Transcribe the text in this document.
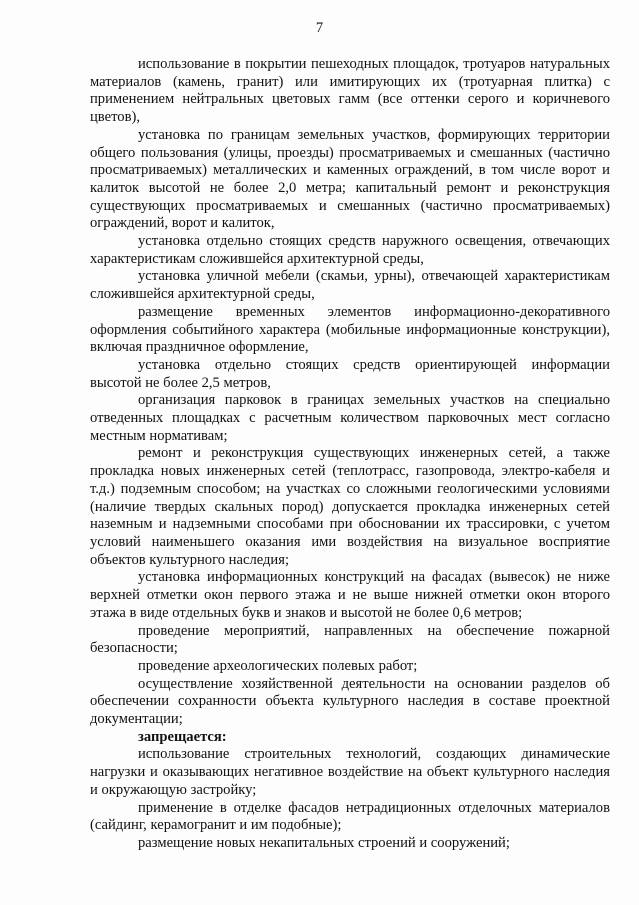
7

использование в покрытии пешеходных площадок, тротуаров натуральных материалов (камень, гранит) или имитирующих их (тротуарная плитка) с применением нейтральных цветовых гамм (все оттенки серого и коричневого цветов),

установка по границам земельных участков, формирующих территории общего пользования (улицы, проезды) просматриваемых и смешанных (частично просматриваемых) металлических и каменных ограждений, в том числе ворот и калиток высотой не более 2,0 метра; капитальный ремонт и реконструкция существующих просматриваемых и смешанных (частично просматриваемых) ограждений, ворот и калиток,

установка отдельно стоящих средств наружного освещения, отвечающих характеристикам сложившейся архитектурной среды,

установка уличной мебели (скамьи, урны), отвечающей характеристикам сложившейся архитектурной среды,

размещение временных элементов информационно-декоративного оформления событийного характера (мобильные информационные конструкции), включая праздничное оформление,

установка отдельно стоящих средств ориентирующей информации высотой не более 2,5 метров,

организация парковок в границах земельных участков на специально отведенных площадках с расчетным количеством парковочных мест согласно местным нормативам;

ремонт и реконструкция существующих инженерных сетей, а также прокладка новых инженерных сетей (теплотрасс, газопровода, электро-кабеля и т.д.) подземным способом; на участках со сложными геологическими условиями (наличие твердых скальных пород) допускается прокладка инженерных сетей наземным и надземными способами при обосновании их трассировки, с учетом условий наименьшего оказания ими воздействия на визуальное восприятие объектов культурного наследия;

установка информационных конструкций на фасадах (вывесок) не ниже верхней отметки окон первого этажа и не выше нижней отметки окон второго этажа в виде отдельных букв и знаков и высотой не более 0,6 метров;

проведение мероприятий, направленных на обеспечение пожарной безопасности;

проведение археологических полевых работ;

осуществление хозяйственной деятельности на основании разделов об обеспечении сохранности объекта культурного наследия в составе проектной документации;

запрещается:

использование строительных технологий, создающих динамические нагрузки и оказывающих негативное воздействие на объект культурного наследия и окружающую застройку;

применение в отделке фасадов нетрадиционных отделочных материалов (сайдинг, керамогранит и им подобные);

размещение новых некапитальных строений и сооружений;
